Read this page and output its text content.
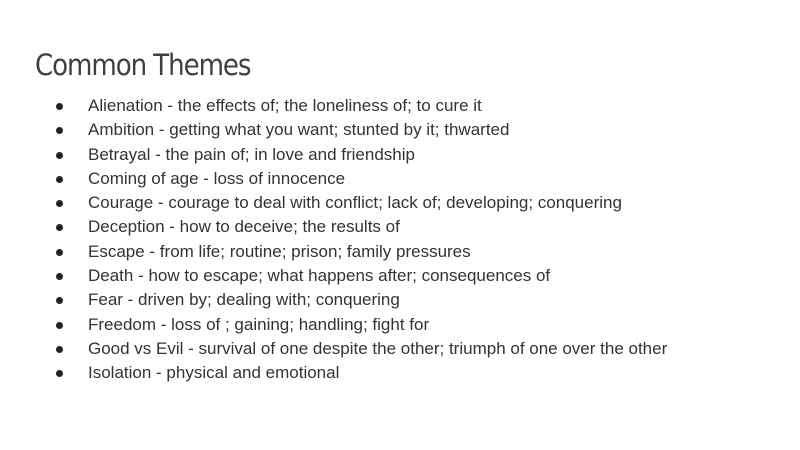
Common Themes
Alienation - the effects of; the loneliness of; to cure it
Ambition - getting what you want; stunted by it; thwarted
Betrayal - the pain of; in love and friendship
Coming of age - loss of innocence
Courage - courage to deal with conflict; lack of; developing; conquering
Deception - how to deceive; the results of
Escape - from life; routine; prison; family pressures
Death - how to escape; what happens after; consequences of
Fear - driven by; dealing with; conquering
Freedom - loss of ; gaining; handling; fight for
Good vs Evil - survival of one despite the other; triumph of one over the other
Isolation - physical and emotional
